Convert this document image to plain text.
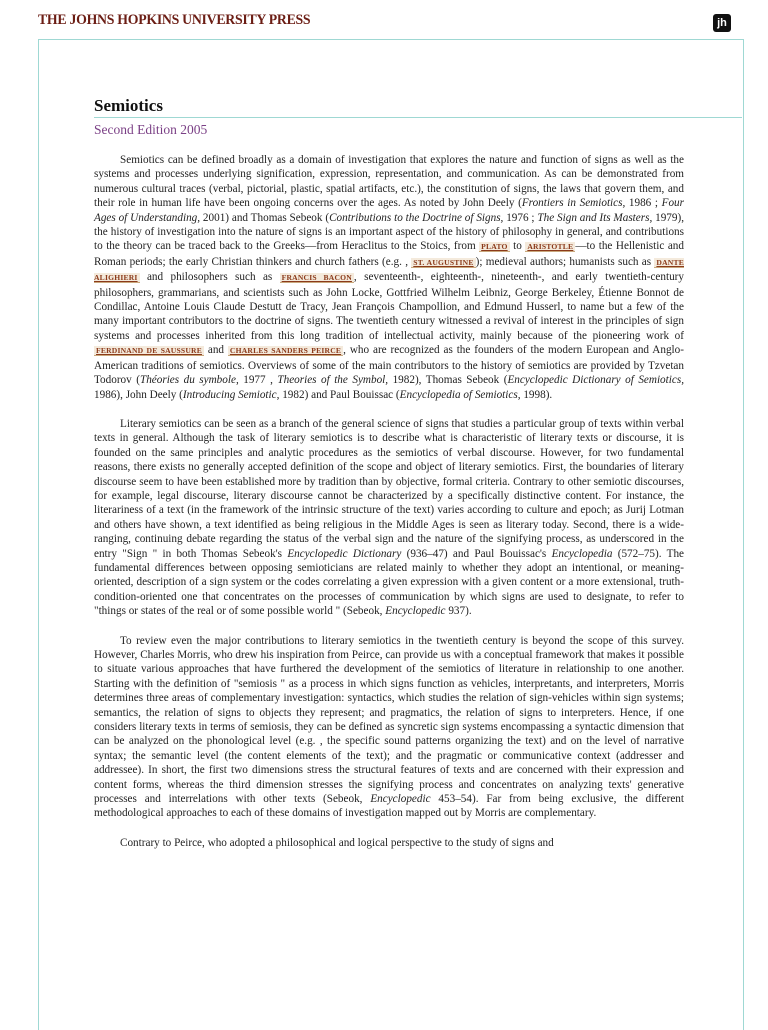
THE JOHNS HOPKINS UNIVERSITY PRESS	jh
Semiotics
Second Edition 2005

Semiotics can be defined broadly as a domain of investigation that explores the nature and function of signs as well as the systems and processes underlying signification, expression, representation, and communication. As can be demonstrated from numerous cultural traces (verbal, pictorial, plastic, spatial artifacts, etc.), the constitution of signs, the laws that govern them, and their role in human life have been ongoing concerns over the ages. As noted by John Deely (Frontiers in Semiotics, 1986 ; Four Ages of Understanding, 2001) and Thomas Sebeok (Contributions to the Doctrine of Signs, 1976 ; The Sign and Its Masters, 1979), the history of investigation into the nature of signs is an important aspect of the history of philosophy in general, and contributions to the theory can be traced back to the Greeks—from Heraclitus to the Stoics, from PLATO to ARISTOTLE —to the Hellenistic and Roman periods; the early Christian thinkers and church fathers (e.g. , ST. AUGUSTINE ); medieval authors; humanists such as DANTE ALIGHIERI and philosophers such as FRANCIS BACON , seventeenth-, eighteenth-, nineteenth-, and early twentieth-century philosophers, grammarians, and scientists such as John Locke, Gottfried Wilhelm Leibniz, George Berkeley, Étienne Bonnot de Condillac, Antoine Louis Claude Destutt de Tracy, Jean François Champollion, and Edmund Husserl, to name but a few of the many important contributors to the doctrine of signs. The twentieth century witnessed a revival of interest in the principles of sign systems and processes inherited from this long tradition of intellectual activity, mainly because of the pioneering work of FERDINAND DE SAUSSURE and CHARLES SANDERS PEIRCE , who are recognized as the founders of the modern European and Anglo-American traditions of semiotics. Overviews of some of the main contributors to the history of semiotics are provided by Tzvetan Todorov (Théories du symbole, 1977 , Theories of the Symbol, 1982), Thomas Sebeok (Encyclopedic Dictionary of Semiotics, 1986), John Deely (Introducing Semiotic, 1982) and Paul Bouissac (Encyclopedia of Semiotics, 1998).

Literary semiotics can be seen as a branch of the general science of signs that studies a particular group of texts within verbal texts in general. Although the task of literary semiotics is to describe what is characteristic of literary texts or discourse, it is founded on the same principles and analytic procedures as the semiotics of verbal discourse. However, for two fundamental reasons, there exists no generally accepted definition of the scope and object of literary semiotics. First, the boundaries of literary discourse seem to have been established more by tradition than by objective, formal criteria. Contrary to other semiotic discourses, for example, legal discourse, literary discourse cannot be characterized by a specifically distinctive content. For instance, the literariness of a text (in the framework of the intrinsic structure of the text) varies according to culture and epoch; as Jurij Lotman and others have shown, a text identified as being religious in the Middle Ages is seen as literary today. Second, there is a wide-ranging, continuing debate regarding the status of the verbal sign and the nature of the signifying process, as underscored in the entry "Sign " in both Thomas Sebeok's Encyclopedic Dictionary (936–47) and Paul Bouissac's Encyclopedia (572–75). The fundamental differences between opposing semioticians are related mainly to whether they adopt an intentional, or meaning-oriented, description of a sign system or the codes correlating a given expression with a given content or a more extensional, truth-condition-oriented one that concentrates on the processes of communication by which signs are used to designate, to refer to "things or states of the real or of some possible world " (Sebeok, Encyclopedic 937).

To review even the major contributions to literary semiotics in the twentieth century is beyond the scope of this survey. However, Charles Morris, who drew his inspiration from Peirce, can provide us with a conceptual framework that makes it possible to situate various approaches that have furthered the development of the semiotics of literature in relationship to one another. Starting with the definition of "semiosis " as a process in which signs function as vehicles, interpretants, and interpreters, Morris determines three areas of complementary investigation: syntactics, which studies the relation of sign-vehicles within sign systems; semantics, the relation of signs to objects they represent; and pragmatics, the relation of signs to interpreters. Hence, if one considers literary texts in terms of semiosis, they can be defined as syncretic sign systems encompassing a syntactic dimension that can be analyzed on the phonological level (e.g. , the specific sound patterns organizing the text) and on the level of narrative syntax; the semantic level (the content elements of the text); and the pragmatic or communicative context (addresser and addressee). In short, the first two dimensions stress the structural features of texts and are concerned with their expression and content forms, whereas the third dimension stresses the signifying process and concentrates on analyzing texts' generative processes and interrelations with other texts (Sebeok, Encyclopedic 453–54). Far from being exclusive, the different methodological approaches to each of these domains of investigation mapped out by Morris are complementary.

Contrary to Peirce, who adopted a philosophical and logical perspective to the study of signs and
